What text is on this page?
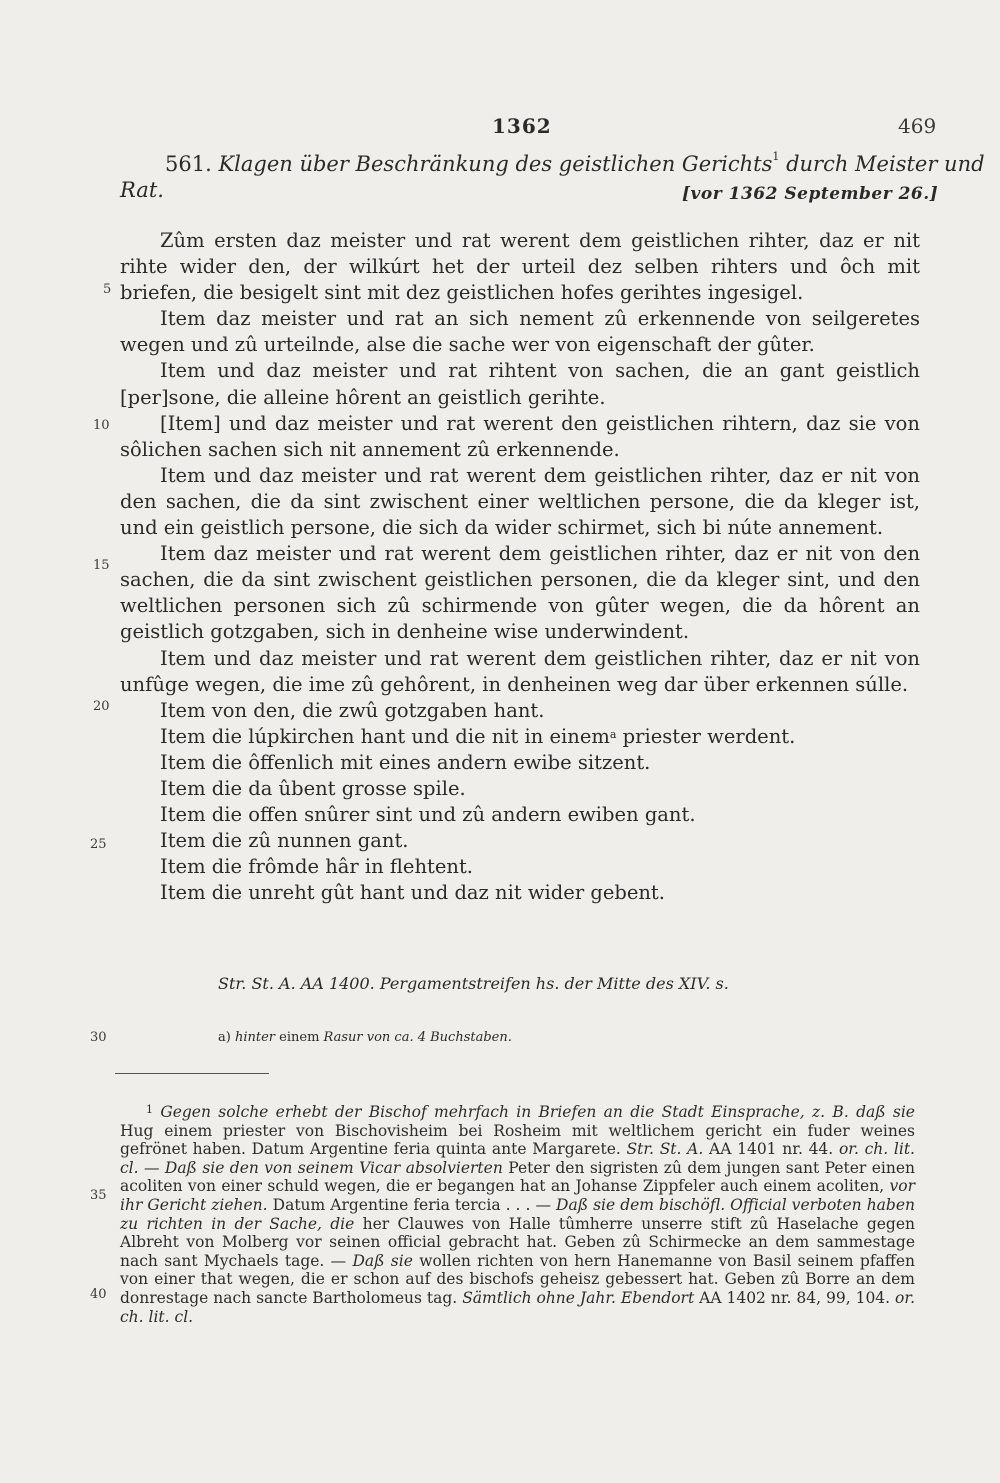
1362	469
561. Klagen über Beschränkung des geistlichen Gerichts$^1$ durch Meister und
Rat.	[vor 1362 September 26.]

Zûm ersten daz meister und rat werent dem geistlichen rihter, daz er nit rihte wider den, der wilkúrt het der urteil dez selben rihters und ôch mit briefen, die besigelt sint mit dez geistlichen hofes gerihtes ingesigel.

Item daz meister und rat an sich nement zû erkennende von seilgeretes wegen und zû urteilnde, alse die sache wer von eigenschaft der gûter.

Item und daz meister und rat rihtent von sachen, die an gant geistlich [per]sone, die alleine hôrent an geistlich gerihte.

[Item] und daz meister und rat werent den geistlichen rihtern, daz sie von sôlichen sachen sich nit annement zû erkennende.

Item und daz meister und rat werent dem geistlichen rihter, daz er nit von den sachen, die da sint zwischent einer weltlichen persone, die da kleger ist, und ein geistlich persone, die sich da wider schirmet, sich bi núte annement.

Item daz meister und rat werent dem geistlichen rihter, daz er nit von den sachen, die da sint zwischent geistlichen personen, die da kleger sint, und den weltlichen personen sich zû schirmende von gûter wegen, die da hôrent an geistlich gotzgaben, sich in denheine wise underwindent.

Item und daz meister und rat werent dem geistlichen rihter, daz er nit von unfûge wegen, die ime zû gehôrent, in denheinen weg dar über erkennen súlle.

Item von den, die zwû gotzgaben hant.

Item die lúpkirchen hant und die nit in einem$^a$ priester werdent.

Item die ôffenlich mit eines andern ewibe sitzent.

Item die da ûbent grosse spile.

Item die offen snûrer sint und zû andern ewiben gant.

Item die zû nunnen gant.

Item die frômde hâr in flehtent.

Item die unreht gût hant und daz nit wider gebent.

Str. St. A. AA 1400. Pergamentstreifen hs. der Mitte des XIV. s.
a) hinter einem Rasur von ca. 4 Buchstaben.

$^1$ Gegen solche erhebt der Bischof mehrfach in Briefen an die Stadt Einsprache, z. B. daß sie Hug einem priester von Bischovisheim bei Rosheim mit weltlichem gericht ein fuder weines gefrönet haben. Datum Argentine feria quinta ante Margarete. Str. St. A. AA 1401 nr. 44. or. ch. lit. cl. — Daß sie den von seinem Vicar absolvierten Peter den sigristen zû dem jungen sant Peter einen acoliten von einer schuld wegen, die er begangen hat an Johanse Zippfeler auch einem acoliten, vor ihr Gericht ziehen. Datum Argentine feria tercia . . . — Daß sie dem bischöfl. Official verboten haben zu richten in der Sache, die her Clauwes von Halle tûmherre unserre stift zû Haselache gegen Albreht von Molberg vor seinen official gebracht hat. Geben zû Schirmecke an dem sammestage nach sant Mychaels tage. — Daß sie wollen richten von hern Hanemanne von Basil seinem pfaffen von einer that wegen, die er schon auf des bischofs geheisz gebessert hat. Geben zû Borre an dem donrestage nach sancte Bartholomeus tag. Sämtlich ohne Jahr. Ebendort AA 1402 nr. 84, 99, 104. or. ch. lit. cl.

5
10
15
20
25
30
35
40
